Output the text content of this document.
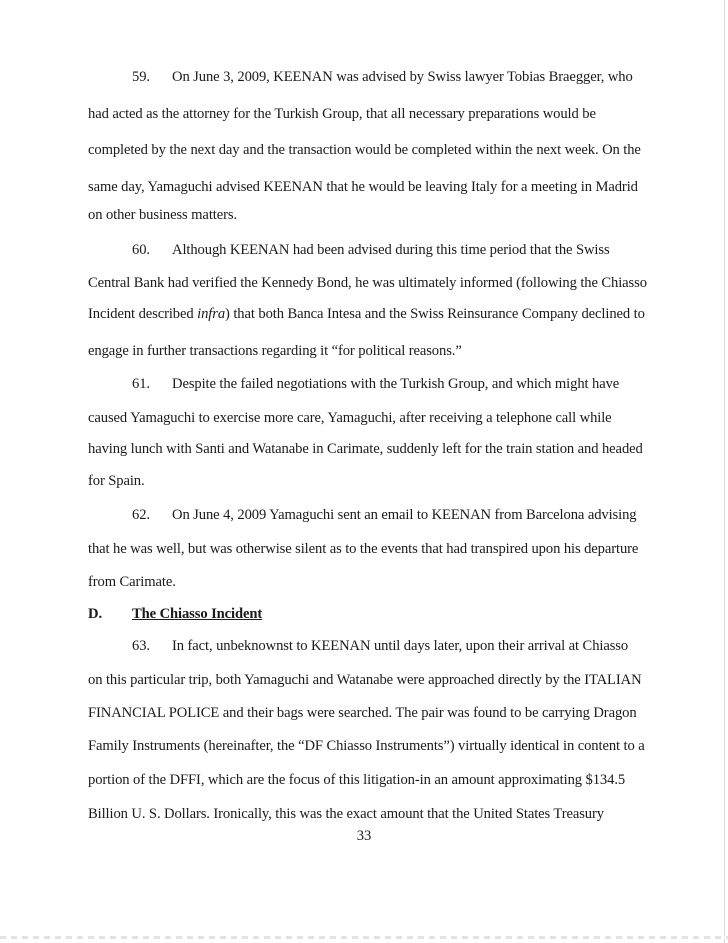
59. On June 3, 2009, KEENAN was advised by Swiss lawyer Tobias Braegger, who
had acted as the attorney for the Turkish Group, that all necessary preparations would be
completed by the next day and the transaction would be completed within the next week. On the
same day, Yamaguchi advised KEENAN that he would be leaving Italy for a meeting in Madrid
on other business matters.
60. Although KEENAN had been advised during this time period that the Swiss
Central Bank had verified the Kennedy Bond, he was ultimately informed (following the Chiasso
Incident described infra) that both Banca Intesa and the Swiss Reinsurance Company declined to
engage in further transactions regarding it “for political reasons.”
61. Despite the failed negotiations with the Turkish Group, and which might have
caused Yamaguchi to exercise more care, Yamaguchi, after receiving a telephone call while
having lunch with Santi and Watanabe in Carimate, suddenly left for the train station and headed
for Spain.
62. On June 4, 2009 Yamaguchi sent an email to KEENAN from Barcelona advising
that he was well, but was otherwise silent as to the events that had transpired upon his departure
from Carimate.
D. The Chiasso Incident
63. In fact, unbeknownst to KEENAN until days later, upon their arrival at Chiasso
on this particular trip, both Yamaguchi and Watanabe were approached directly by the ITALIAN
FINANCIAL POLICE and their bags were searched. The pair was found to be carrying Dragon
Family Instruments (hereinafter, the “DF Chiasso Instruments”) virtually identical in content to a
portion of the DFFI, which are the focus of this litigation-in an amount approximating $134.5
Billion U. S. Dollars. Ironically, this was the exact amount that the United States Treasury
33
